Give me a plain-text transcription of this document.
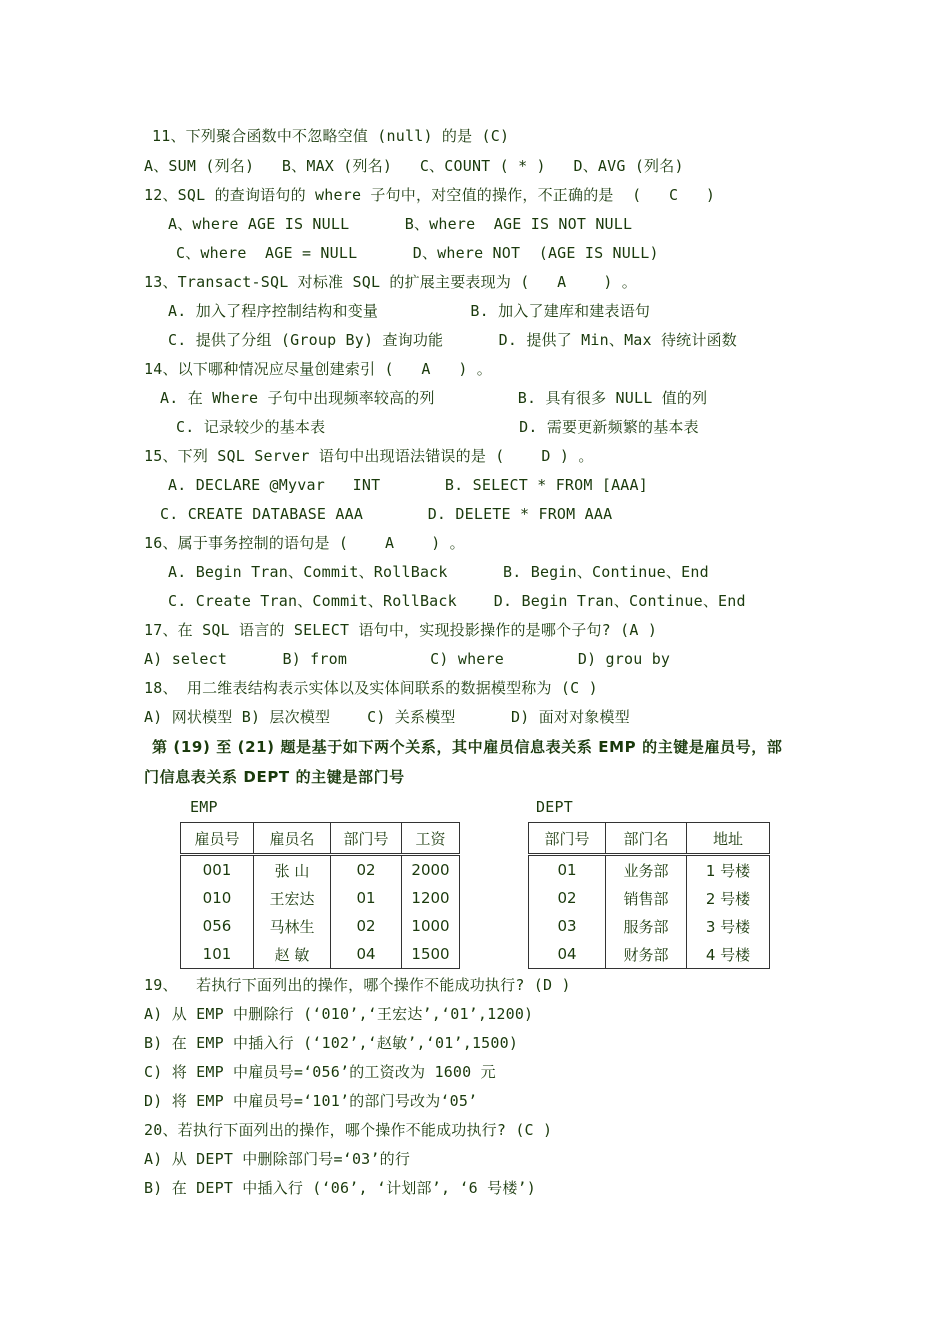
11、下列聚合函数中不忽略空值 (null) 的是 (C)
A、SUM (列名)   B、MAX (列名)   C、COUNT ( * )   D、AVG (列名)
12、SQL 的查询语句的 where 子句中，对空值的操作，不正确的是  (   C   )
A、where AGE IS NULL      B、where  AGE IS NOT NULL
C、where  AGE = NULL      D、where NOT  (AGE IS NULL)
13、Transact-SQL 对标准 SQL 的扩展主要表现为 (   A    ) 。
A. 加入了程序控制结构和变量          B. 加入了建库和建表语句
C. 提供了分组 (Group By) 查询功能      D. 提供了 Min、Max 待统计函数
14、以下哪种情况应尽量创建索引 (   A   ) 。
A. 在 Where 子句中出现频率较高的列         B. 具有很多 NULL 值的列
C. 记录较少的基本表                     D. 需要更新频繁的基本表
15、下列 SQL Server 语句中出现语法错误的是 (    D ) 。
A. DECLARE @Myvar   INT       B. SELECT * FROM [AAA]
C. CREATE DATABASE AAA       D. DELETE * FROM AAA
16、属于事务控制的语句是 (    A    ) 。
A. Begin Tran、Commit、RollBack      B. Begin、Continue、End
C. Create Tran、Commit、RollBack    D. Begin Tran、Continue、End
17、在 SQL 语言的 SELECT 语句中，实现投影操作的是哪个子句? (A )
A) select      B) from         C) where        D) grou by
18、 用二维表结构表示实体以及实体间联系的数据模型称为 (C )
A) 网状模型 B) 层次模型    C) 关系模型      D) 面对对象模型
第 (19) 至 (21) 题是基于如下两个关系，其中雇员信息表关系 EMP 的主键是雇员号，部
门信息表关系 DEPT 的主键是部门号
EMP	DEPT
雇员号	雇员名	部门号	工资
001	张 山	02	2000
010	王宏达	01	1200
056	马林生	02	1000
101	赵 敏	04	1500
部门号	部门名	地址
01	业务部	1 号楼
02	销售部	2 号楼
03	服务部	3 号楼
04	财务部	4 号楼
19、  若执行下面列出的操作，哪个操作不能成功执行? (D )
A) 从 EMP 中删除行 (‘010’,‘王宏达’,‘01’,1200)
B) 在 EMP 中插入行 (‘102’,‘赵敏’,‘01’,1500)
C) 将 EMP 中雇员号=‘056’的工资改为 1600 元
D) 将 EMP 中雇员号=‘101’的部门号改为‘05’
20、若执行下面列出的操作，哪个操作不能成功执行? (C )
A) 从 DEPT 中删除部门号=‘03’的行
B) 在 DEPT 中插入行 (‘06’, ‘计划部’, ‘6 号楼’)
